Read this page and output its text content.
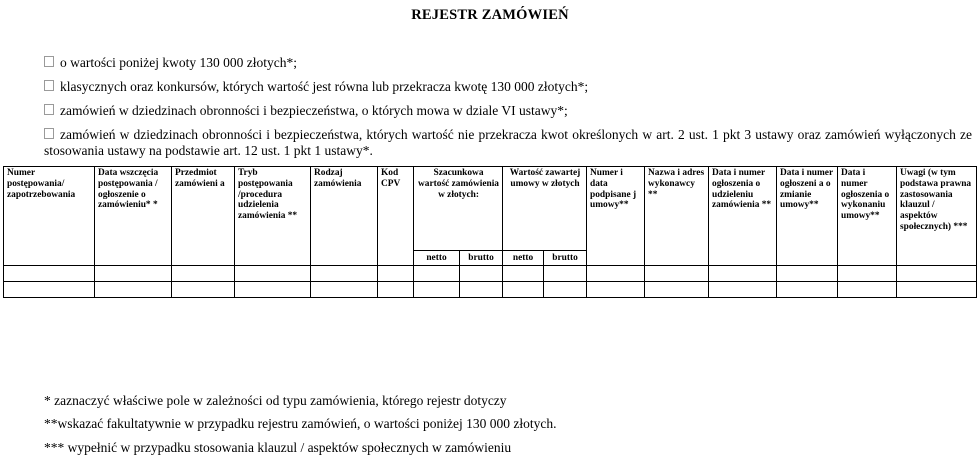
REJESTR ZAMÓWIEŃ
o wartości poniżej kwoty 130 000 złotych*;
klasycznych oraz konkursów, których wartość jest równa lub przekracza kwotę 130 000 złotych*;
zamówień w dziedzinach obronności i bezpieczeństwa, o których mowa w dziale VI ustawy*;
zamówień w dziedzinach obronności i bezpieczeństwa, których wartość nie przekracza kwot określonych w art. 2 ust. 1 pkt 3 ustawy oraz zamówień wyłączonych ze stosowania ustawy na podstawie art. 12 ust. 1 pkt 1 ustawy*.
Numer postępowania/ zapotrzebowania	Data wszczęcia postępowania / ogłoszenie o zamówieniu* *	Przedmiot zamówieni a	Tryb postępowania /procedura udzielenia zamówienia **	Rodzaj zamówienia	Kod CPV	Szacunkowa wartość zamówienia w złotych:		Wartość zawartej umowy w złotych		Numer i data podpisane j umowy**	Nazwa i adres wykonawcy **	Data i numer ogłoszenia o udzieleniu zamówienia **	Data i numer ogłoszeni a o zmianie umowy**	Data i numer ogłoszenia o wykonaniu umowy**	Uwagi (w tym podstawa prawna zastosowania klauzul / aspektów społecznych) ***
						netto	brutto	netto	brutto						

* zaznaczyć właściwe pole w zależności od typu zamówienia, którego rejestr dotyczy
**wskazać fakultatywnie w przypadku rejestru zamówień, o wartości poniżej 130 000 złotych.
*** wypełnić w przypadku stosowania klauzul / aspektów społecznych w zamówieniu
